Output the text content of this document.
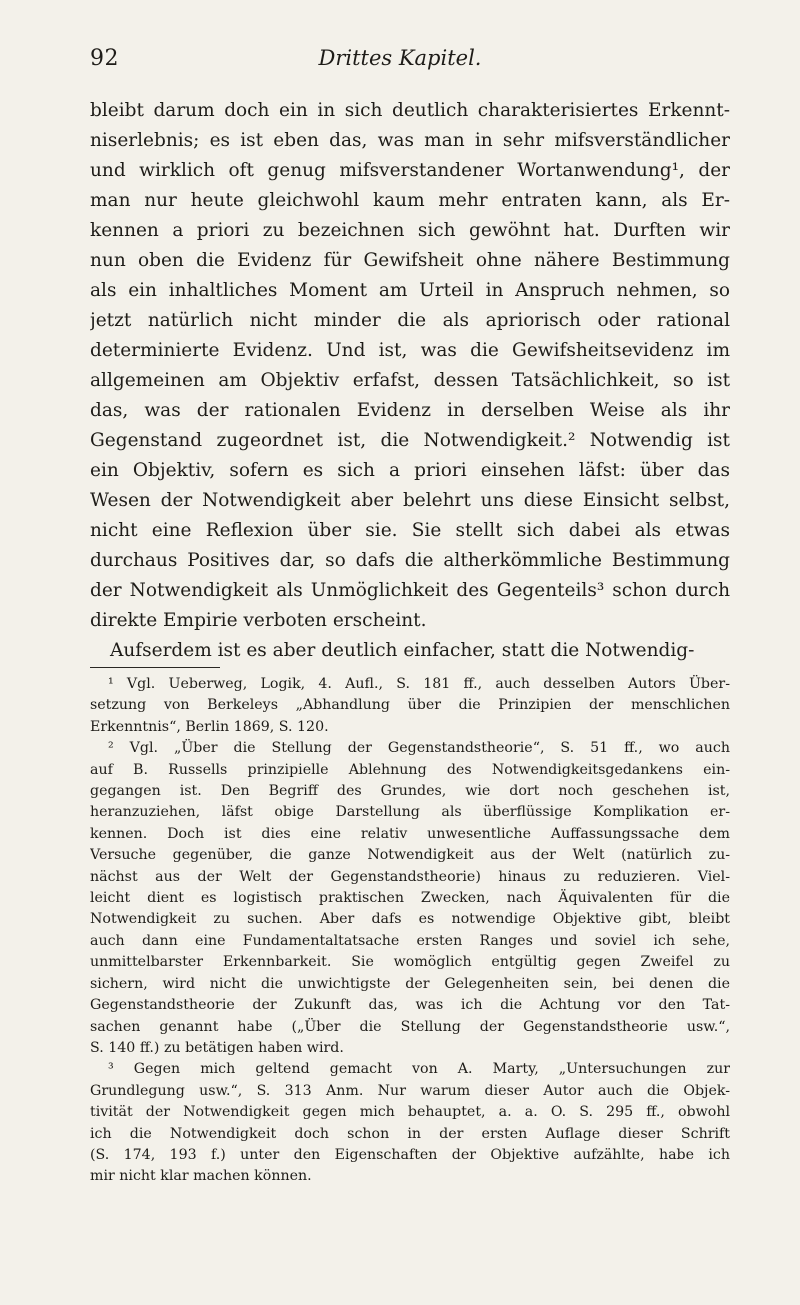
92	Drittes Kapitel.
bleibt darum doch ein in sich deutlich charakterisiertes Erkennt-
niserlebnis; es ist eben das, was man in sehr mifsverständlicher
und wirklich oft genug mifsverstandener Wortanwendung¹, der
man nur heute gleichwohl kaum mehr entraten kann, als Er-
kennen a priori zu bezeichnen sich gewöhnt hat. Durften wir
nun oben die Evidenz für Gewifsheit ohne nähere Bestimmung
als ein inhaltliches Moment am Urteil in Anspruch nehmen, so
jetzt natürlich nicht minder die als apriorisch oder rational
determinierte Evidenz. Und ist, was die Gewifsheitsevidenz im
allgemeinen am Objektiv erfafst, dessen Tatsächlichkeit, so ist
das, was der rationalen Evidenz in derselben Weise als ihr
Gegenstand zugeordnet ist, die Notwendigkeit.² Notwendig ist
ein Objektiv, sofern es sich a priori einsehen läfst: über das
Wesen der Notwendigkeit aber belehrt uns diese Einsicht selbst,
nicht eine Reflexion über sie. Sie stellt sich dabei als etwas
durchaus Positives dar, so dafs die altherkömmliche Bestimmung
der Notwendigkeit als Unmöglichkeit des Gegenteils³ schon durch
direkte Empirie verboten erscheint.
Aufserdem ist es aber deutlich einfacher, statt die Notwendig-
¹ Vgl. Ueberweg, Logik, 4. Aufl., S. 181 ff., auch desselben Autors Über-
setzung von Berkeleys „Abhandlung über die Prinzipien der menschlichen
Erkenntnis“, Berlin 1869, S. 120.
² Vgl. „Über die Stellung der Gegenstandstheorie“, S. 51 ff., wo auch
auf B. Russells prinzipielle Ablehnung des Notwendigkeitsgedankens ein-
gegangen ist. Den Begriff des Grundes, wie dort noch geschehen ist,
heranzuziehen, läfst obige Darstellung als überflüssige Komplikation er-
kennen. Doch ist dies eine relativ unwesentliche Auffassungssache dem
Versuche gegenüber, die ganze Notwendigkeit aus der Welt (natürlich zu-
nächst aus der Welt der Gegenstandstheorie) hinaus zu reduzieren. Viel-
leicht dient es logistisch praktischen Zwecken, nach Äquivalenten für die
Notwendigkeit zu suchen. Aber dafs es notwendige Objektive gibt, bleibt
auch dann eine Fundamentaltatsache ersten Ranges und soviel ich sehe,
unmittelbarster Erkennbarkeit. Sie womöglich entgültig gegen Zweifel zu
sichern, wird nicht die unwichtigste der Gelegenheiten sein, bei denen die
Gegenstandstheorie der Zukunft das, was ich die Achtung vor den Tat-
sachen genannt habe („Über die Stellung der Gegenstandstheorie usw.“,
S. 140 ff.) zu betätigen haben wird.
³ Gegen mich geltend gemacht von A. Marty, „Untersuchungen zur
Grundlegung usw.“, S. 313 Anm. Nur warum dieser Autor auch die Objek-
tivität der Notwendigkeit gegen mich behauptet, a. a. O. S. 295 ff., obwohl
ich die Notwendigkeit doch schon in der ersten Auflage dieser Schrift
(S. 174, 193 f.) unter den Eigenschaften der Objektive aufzählte, habe ich
mir nicht klar machen können.
